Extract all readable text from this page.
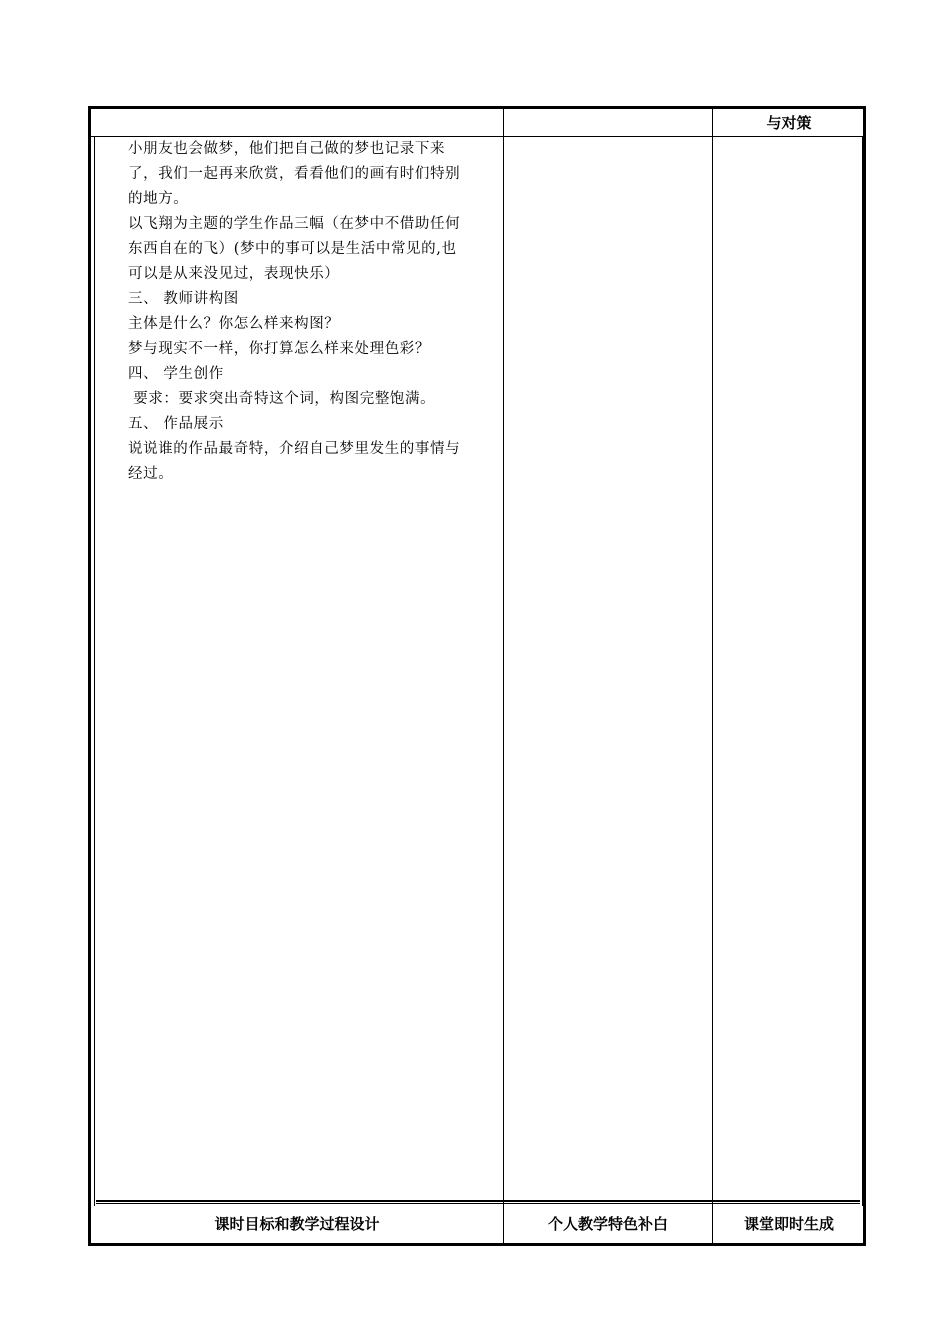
与对策

小朋友也会做梦，他们把自己做的梦也记录下来

了，我们一起再来欣赏，看看他们的画有时们特别

的地方。

以飞翔为主题的学生作品三幅（在梦中不借助任何

东西自在的飞）(梦中的事可以是生活中常见的,也

可以是从来没见过，表现快乐）

三、 教师讲构图

主体是什么？你怎么样来构图？

梦与现实不一样，你打算怎么样来处理色彩？

四、 学生创作

要求：要求突出奇特这个词，构图完整饱满。

五、 作品展示

说说谁的作品最奇特，介绍自己梦里发生的事情与

经过。

课时目标和教学过程设计	个人教学特色补白	课堂即时生成
